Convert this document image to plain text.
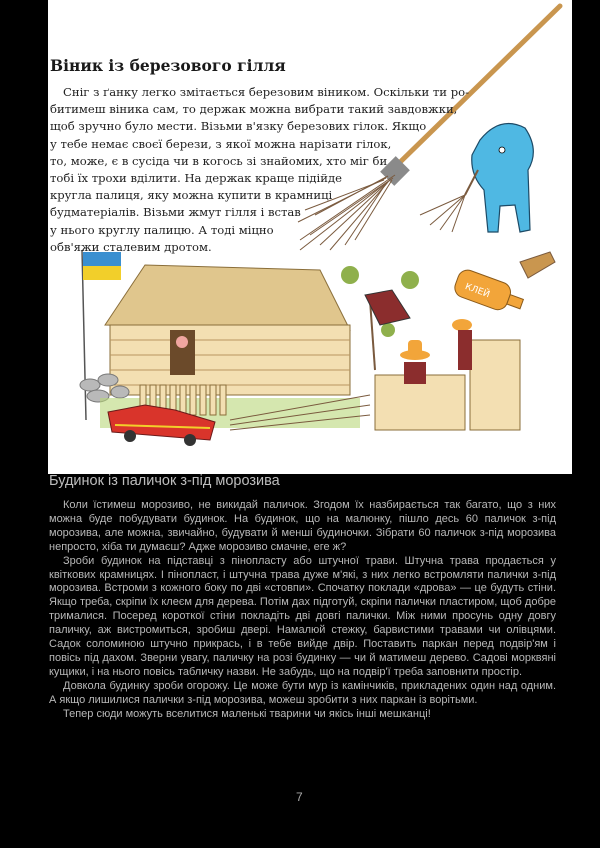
КЛЕЙ
Віник із березового гілля
Сніг з ґанку легко змітається березовим віником. Оскільки ти ро-
битимеш віника сам, то держак можна вибрати такий завдовжки,
щоб зручно було мести. Візьми в'язку березових гілок. Якщо
у тебе немає своєї берези, з якої можна нарізати гілок,
то, може, є в сусіда чи в когось зі знайомих, хто міг би
тобі їх трохи вділити. На держак краще підійде
кругла палиця, яку можна купити в крамниці
будматеріалів. Візьми жмут гілля і встав
у нього круглу палицю. А тоді міцно
обв'яжи сталевим дротом.
Будинок із паличок з-під морозива

Коли їстимеш морозиво, не викидай паличок. Згодом їх назбирається так багато, що з них можна буде побудувати будинок. На будинок, що на малюнку, пішло десь 60 паличок з-під морозива, але можна, звичайно, будувати й менші будиночки. Зібрати 60 паличок з-під морозива непросто, хіба ти думаєш? Адже морозиво смачне, еге ж?

Зроби будинок на підставці з пінопласту або штучної трави. Штучна трава продається у квіткових крамницях. І пінопласт, і штучна трава дуже м'які, з них легко встромляти палички з-під морозива. Встроми з кожного боку по дві «стовпи». Спочатку поклади «дрова» — це будуть стіни. Якщо треба, скріпи їх клеєм для дерева. Потім дах підготуй, скріпи палички пластиром, щоб добре трималися. Посеред короткої стіни покладіть дві довгі палички. Між ними просунь одну довгу паличку, аж вистромиться, зробиш двері. Намалюй стежку, барвистими травами чи олівцями. Садок соломиною штучно прикрась, і в тебе вийде двір. Поставить паркан перед подвір'ям і повісь під дахом. Зверни увагу, паличку на розі будинку — чи й матимеш дерево. Садові морквяні кущики, і на нього повісь табличку назви. Не забудь, що на подвір'ї треба заповнити простір.

Довкола будинку зроби огорожу. Це може бути мур із камінчиків, прикладених один над одним. А якщо лишилися палички з-під морозива, можеш зробити з них паркан із ворітьми.

Тепер сюди можуть вселитися маленькі тварини чи якісь інші мешканці!

7
